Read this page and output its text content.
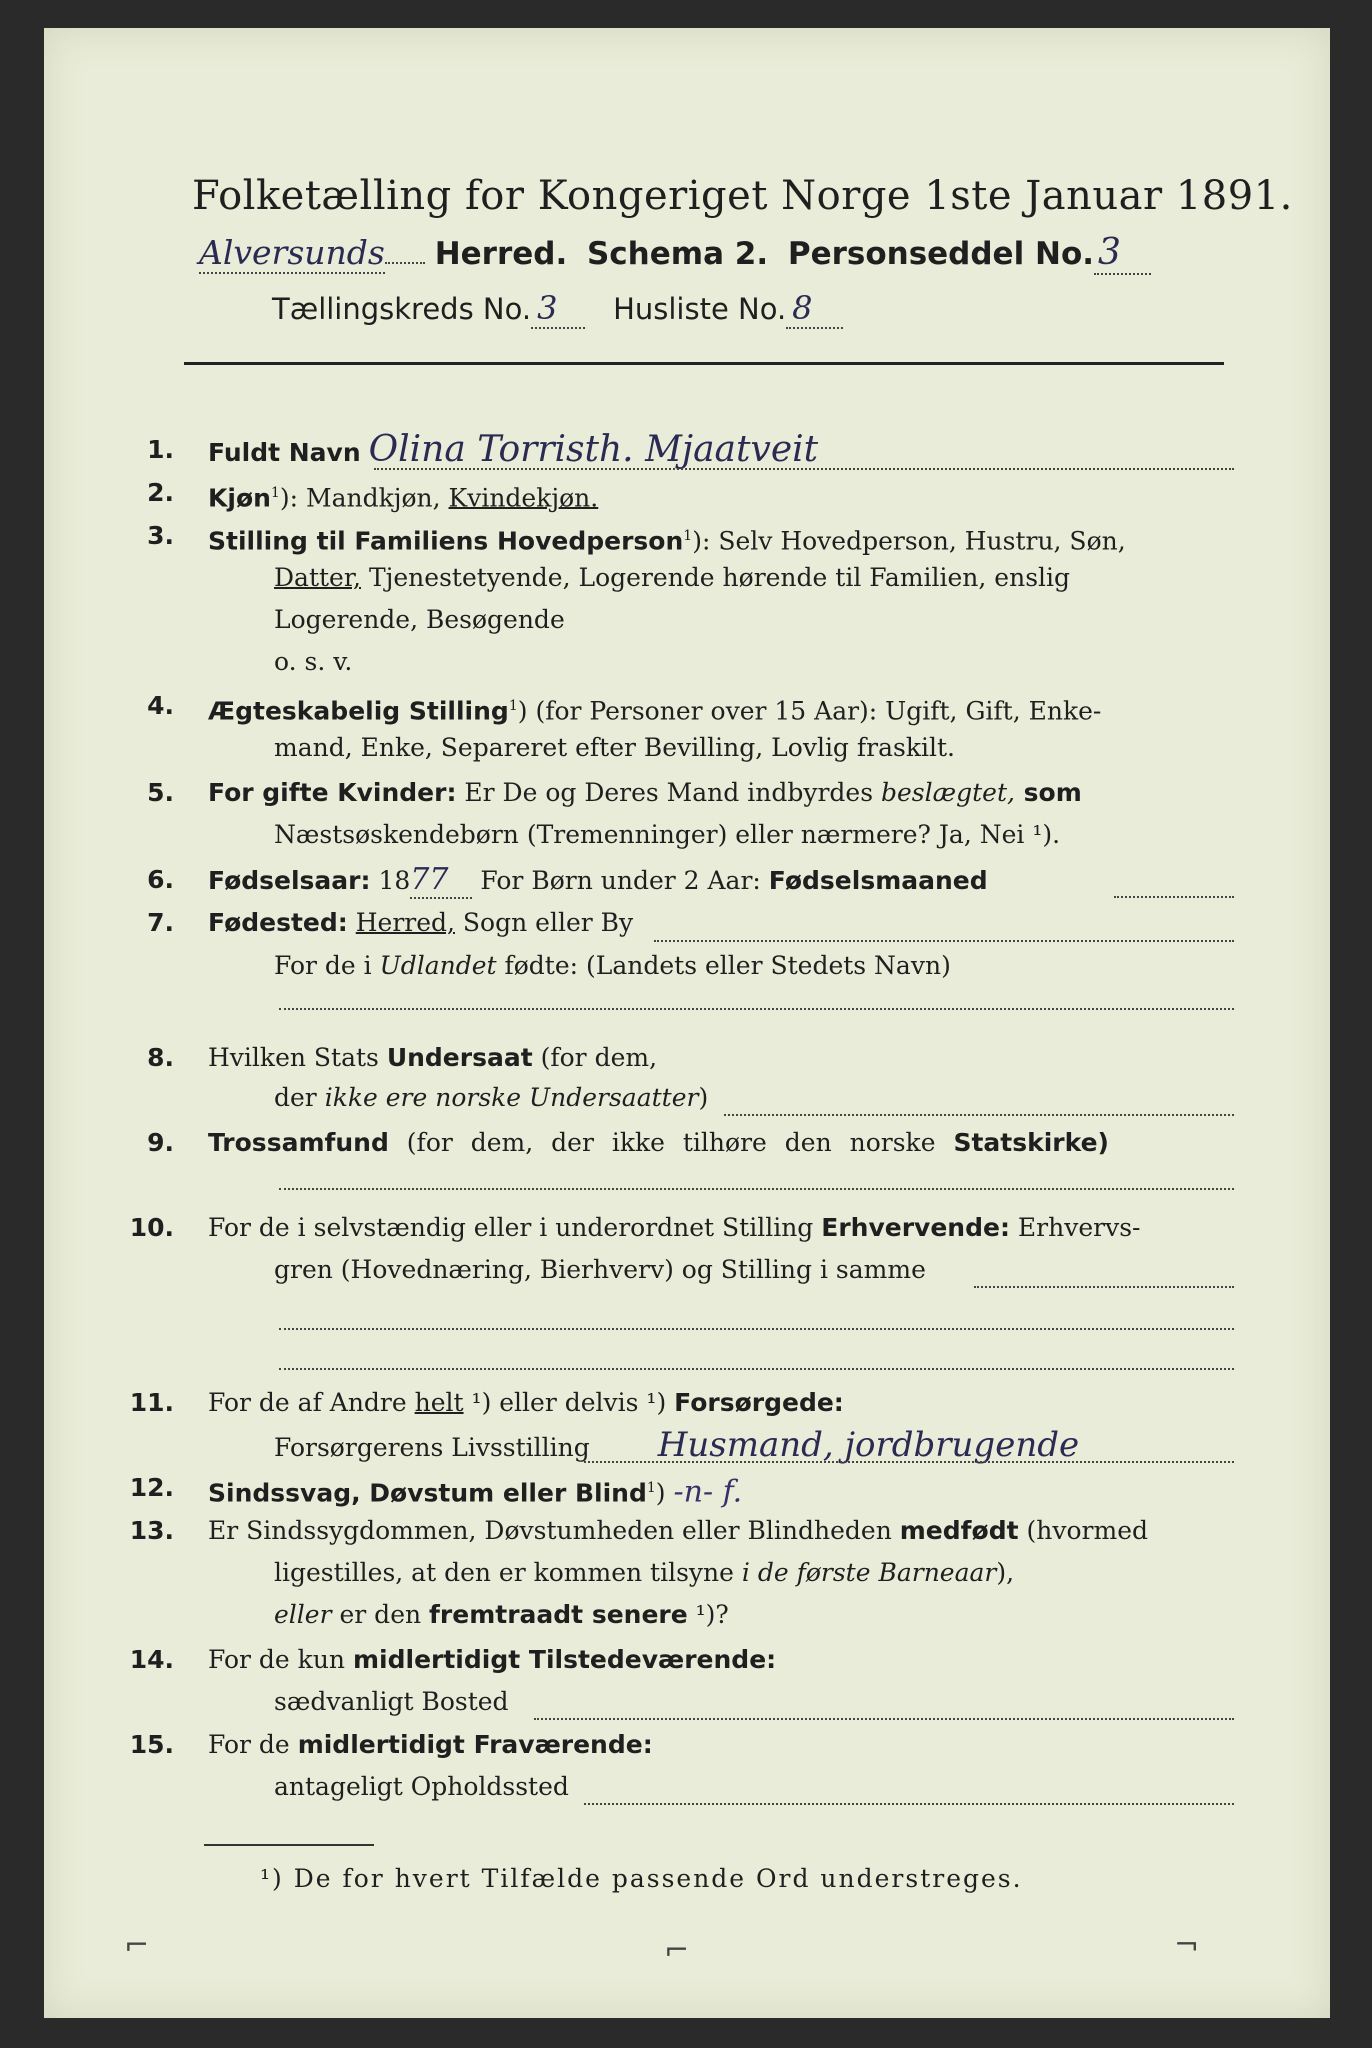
Folketælling for Kongeriget Norge 1ste Januar 1891.
Alversunds Herred. Schema 2. Personseddel No. 3
Tællingskreds No. 3 Husliste No. 8
1. Fuldt Navn Olina Torristh. Mjaatveit
2. Kjøn$^1$): Mandkjøn, Kvindekjøn.
3. Stilling til Familiens Hovedperson$^1$): Selv Hovedperson, Hustru, Søn,
Datter, Tjenestetyende, Logerende hørende til Familien, enslig
Logerende, Besøgende
o. s. v.
4. Ægteskabelig Stilling$^1$) (for Personer over 15 Aar): Ugift, Gift, Enke-
mand, Enke, Separeret efter Bevilling, Lovlig fraskilt.
5. For gifte Kvinder: Er De og Deres Mand indbyrdes beslægtet, som
Næstsøskendebørn (Tremenninger) eller nærmere? Ja, Nei ¹).
6. Fødselsaar: 1877 For Børn under 2 Aar: Fødselsmaaned
7. Fødested: Herred, Sogn eller By
For de i Udlandet fødte: (Landets eller Stedets Navn)
8. Hvilken Stats Undersaat (for dem,
der ikke ere norske Undersaatter)
9. Trossamfund (for dem, der ikke tilhøre den norske Statskirke)
10. For de i selvstændig eller i underordnet Stilling Erhvervende: Erhvervs-
gren (Hovednæring, Bierhverv) og Stilling i samme
11. For de af Andre helt ¹) eller delvis ¹) Forsørgede:
Forsørgerens Livsstilling Husmand, jordbrugende
12. Sindssvag, Døvstum eller Blind$^1$) -n- f.
13. Er Sindssygdommen, Døvstumheden eller Blindheden medfødt (hvormed
ligestilles, at den er kommen tilsyne i de første Barneaar),
eller er den fremtraadt senere ¹)?
14. For de kun midlertidigt Tilstedeværende:
sædvanligt Bosted
15. For de midlertidigt Fraværende:
antageligt Opholdssted
¹) De for hvert Tilfælde passende Ord understreges.
⌐	⌐	¬
